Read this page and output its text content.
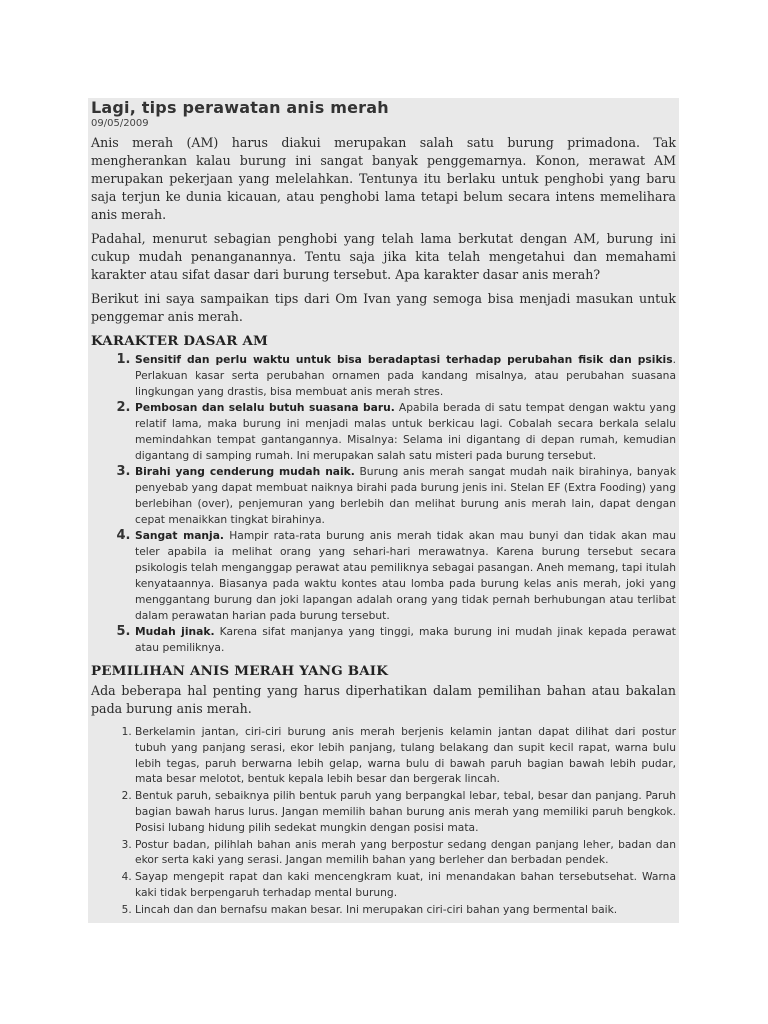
Lagi, tips perawatan anis merah
09/05/2009

Anis merah (AM) harus diakui merupakan salah satu burung primadona. Tak mengherankan kalau burung ini sangat banyak penggemarnya. Konon, merawat AM merupakan pekerjaan yang melelahkan. Tentunya itu berlaku untuk penghobi yang baru saja terjun ke dunia kicauan, atau penghobi lama tetapi belum secara intens memelihara anis merah.

Padahal, menurut sebagian penghobi yang telah lama berkutat dengan AM, burung ini cukup mudah penanganannya. Tentu saja jika kita telah mengetahui dan memahami karakter atau sifat dasar dari burung tersebut. Apa karakter dasar anis merah?

Berikut ini saya sampaikan tips dari Om Ivan yang semoga bisa menjadi masukan untuk penggemar anis merah.

KARAKTER DASAR AM
1. Sensitif dan perlu waktu untuk bisa beradaptasi terhadap perubahan fisik dan psikis. Perlakuan kasar serta perubahan ornamen pada kandang misalnya, atau perubahan suasana lingkungan yang drastis, bisa membuat anis merah stres.
2. Pembosan dan selalu butuh suasana baru. Apabila berada di satu tempat dengan waktu yang relatif lama, maka burung ini menjadi malas untuk berkicau lagi. Cobalah secara berkala selalu memindahkan tempat gantangannya. Misalnya: Selama ini digantang di depan rumah, kemudian digantang di samping rumah. Ini merupakan salah satu misteri pada burung tersebut.
3. Birahi yang cenderung mudah naik. Burung anis merah sangat mudah naik birahinya, banyak penyebab yang dapat membuat naiknya birahi pada burung jenis ini. Stelan EF (Extra Fooding) yang berlebihan (over), penjemuran yang berlebih dan melihat burung anis merah lain, dapat dengan cepat menaikkan tingkat birahinya.
4. Sangat manja. Hampir rata-rata burung anis merah tidak akan mau bunyi dan tidak akan mau teler apabila ia melihat orang yang sehari-hari merawatnya. Karena burung tersebut secara psikologis telah menganggap perawat atau pemiliknya sebagai pasangan. Aneh memang, tapi itulah kenyataannya. Biasanya pada waktu kontes atau lomba pada burung kelas anis merah, joki yang menggantang burung dan joki lapangan adalah orang yang tidak pernah berhubungan atau terlibat dalam perawatan harian pada burung tersebut.
5. Mudah jinak. Karena sifat manjanya yang tinggi, maka burung ini mudah jinak kepada perawat atau pemiliknya.
PEMILIHAN ANIS MERAH YANG BAIK

Ada beberapa hal penting yang harus diperhatikan dalam pemilihan bahan atau bakalan pada burung anis merah.

1. Berkelamin jantan, ciri-ciri burung anis merah berjenis kelamin jantan dapat dilihat dari postur tubuh yang panjang serasi, ekor lebih panjang, tulang belakang dan supit kecil rapat, warna bulu lebih tegas, paruh berwarna lebih gelap, warna bulu di bawah paruh bagian bawah lebih pudar, mata besar melotot, bentuk kepala lebih besar dan bergerak lincah.
2. Bentuk paruh, sebaiknya pilih bentuk paruh yang berpangkal lebar, tebal, besar dan panjang. Paruh bagian bawah harus lurus. Jangan memilih bahan burung anis merah yang memiliki paruh bengkok. Posisi lubang hidung pilih sedekat mungkin dengan posisi mata.
3. Postur badan, pilihlah bahan anis merah yang berpostur sedang dengan panjang leher, badan dan ekor serta kaki yang serasi. Jangan memilih bahan yang berleher dan berbadan pendek.
4. Sayap mengepit rapat dan kaki mencengkram kuat, ini menandakan bahan tersebutsehat. Warna kaki tidak berpengaruh terhadap mental burung.
5. Lincah dan dan bernafsu makan besar. Ini merupakan ciri-ciri bahan yang bermental baik.
